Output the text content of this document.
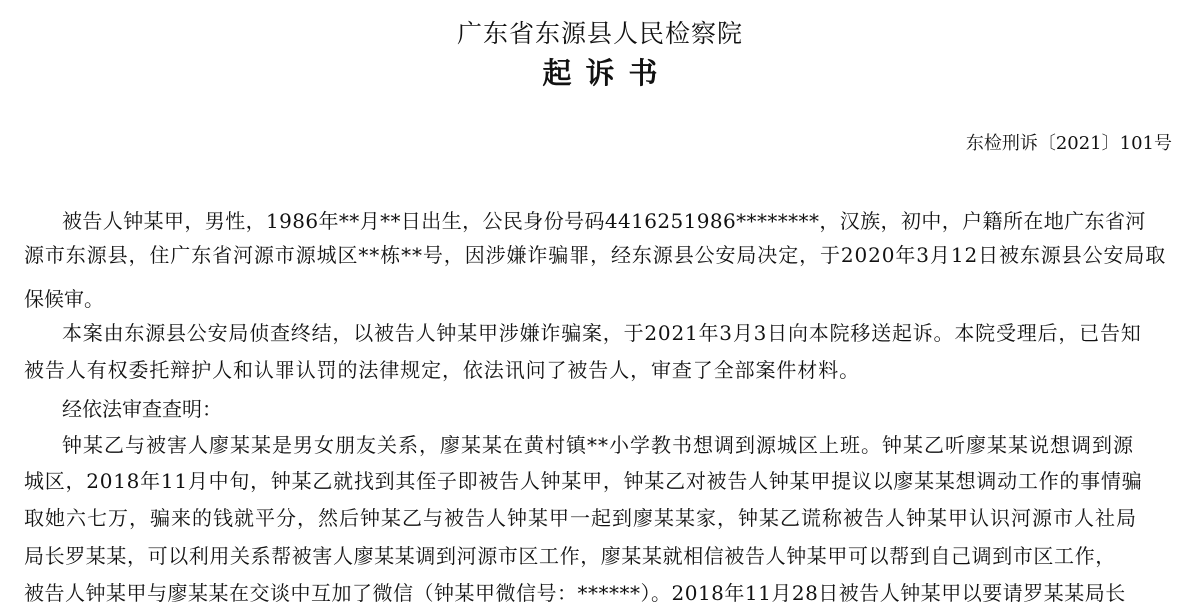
广东省东源县人民检察院
起诉书
东检刑诉〔2021〕101号
被告人钟某甲，男性，1986年**月**日出生，公民身份号码4416251986********，汉族，初中，户籍所在地广东省河
源市东源县，住广东省河源市源城区**栋**号，因涉嫌诈骗罪，经东源县公安局决定，于2020年3月12日被东源县公安局取
保候审。
本案由东源县公安局侦查终结，以被告人钟某甲涉嫌诈骗案，于2021年3月3日向本院移送起诉。本院受理后，已告知
被告人有权委托辩护人和认罪认罚的法律规定，依法讯问了被告人，审查了全部案件材料。
经依法审查查明：
钟某乙与被害人廖某某是男女朋友关系，廖某某在黄村镇**小学教书想调到源城区上班。钟某乙听廖某某说想调到源
城区，2018年11月中旬，钟某乙就找到其侄子即被告人钟某甲，钟某乙对被告人钟某甲提议以廖某某想调动工作的事情骗
取她六七万，骗来的钱就平分，然后钟某乙与被告人钟某甲一起到廖某某家，钟某乙谎称被告人钟某甲认识河源市人社局
局长罗某某，可以利用关系帮被害人廖某某调到河源市区工作，廖某某就相信被告人钟某甲可以帮到自己调到市区工作，
被告人钟某甲与廖某某在交谈中互加了微信（钟某甲微信号：******）。2018年11月28日被告人钟某甲以要请罗某某局长
